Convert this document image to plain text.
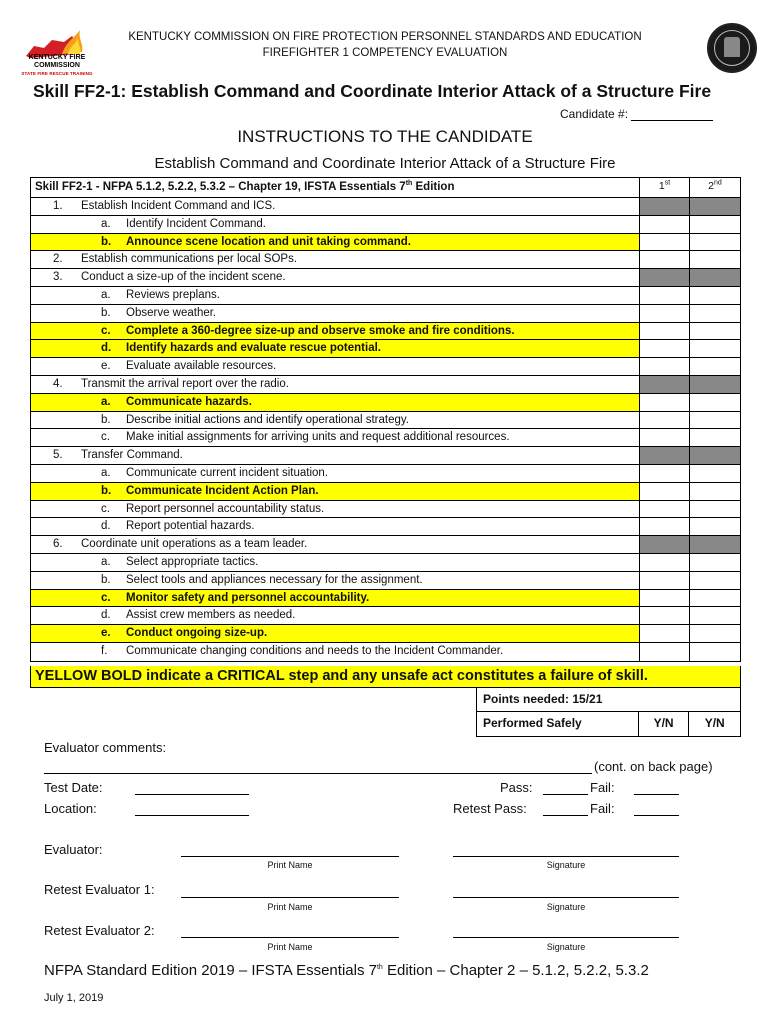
KENTUCKY FIRE
COMMISSION
STATE FIRE RESCUE TRAINING
KENTUCKY COMMISSION ON FIRE PROTECTION PERSONNEL STANDARDS AND EDUCATION
FIREFIGHTER 1 COMPETENCY EVALUATION
Skill FF2-1: Establish Command and Coordinate Interior Attack of a Structure Fire
Candidate #:
INSTRUCTIONS TO THE CANDIDATE
Establish Command and Coordinate Interior Attack of a Structure Fire
Skill FF2-1 - NFPA 5.1.2, 5.2.2, 5.3.2 – Chapter 19, IFSTA Essentials 7th Edition	1st	2nd
1. Establish Incident Command and ICS.
a. Identify Incident Command.
b. Announce scene location and unit taking command.
2. Establish communications per local SOPs.
3. Conduct a size-up of the incident scene.
a. Reviews preplans.
b. Observe weather.
c. Complete a 360-degree size-up and observe smoke and fire conditions.
d. Identify hazards and evaluate rescue potential.
e. Evaluate available resources.
4. Transmit the arrival report over the radio.
a. Communicate hazards.
b. Describe initial actions and identify operational strategy.
c. Make initial assignments for arriving units and request additional resources.
5. Transfer Command.
a. Communicate current incident situation.
b. Communicate Incident Action Plan.
c. Report personnel accountability status.
d. Report potential hazards.
6. Coordinate unit operations as a team leader.
a. Select appropriate tactics.
b. Select tools and appliances necessary for the assignment.
c. Monitor safety and personnel accountability.
d. Assist crew members as needed.
e. Conduct ongoing size-up.
f. Communicate changing conditions and needs to the Incident Commander.
YELLOW BOLD indicate a CRITICAL step and any unsafe act constitutes a failure of skill.
Points needed: 15/21
Performed Safely	Y/N	Y/N
Evaluator comments:
(cont. on back page)
Test Date:
Location:
Pass:	Fail:
Retest Pass:	Fail:
Evaluator:
Print Name	Signature
Retest Evaluator 1:
Print Name	Signature
Retest Evaluator 2:
Print Name	Signature
NFPA Standard Edition 2019 – IFSTA Essentials 7th Edition – Chapter 2 – 5.1.2, 5.2.2, 5.3.2
July 1, 2019
